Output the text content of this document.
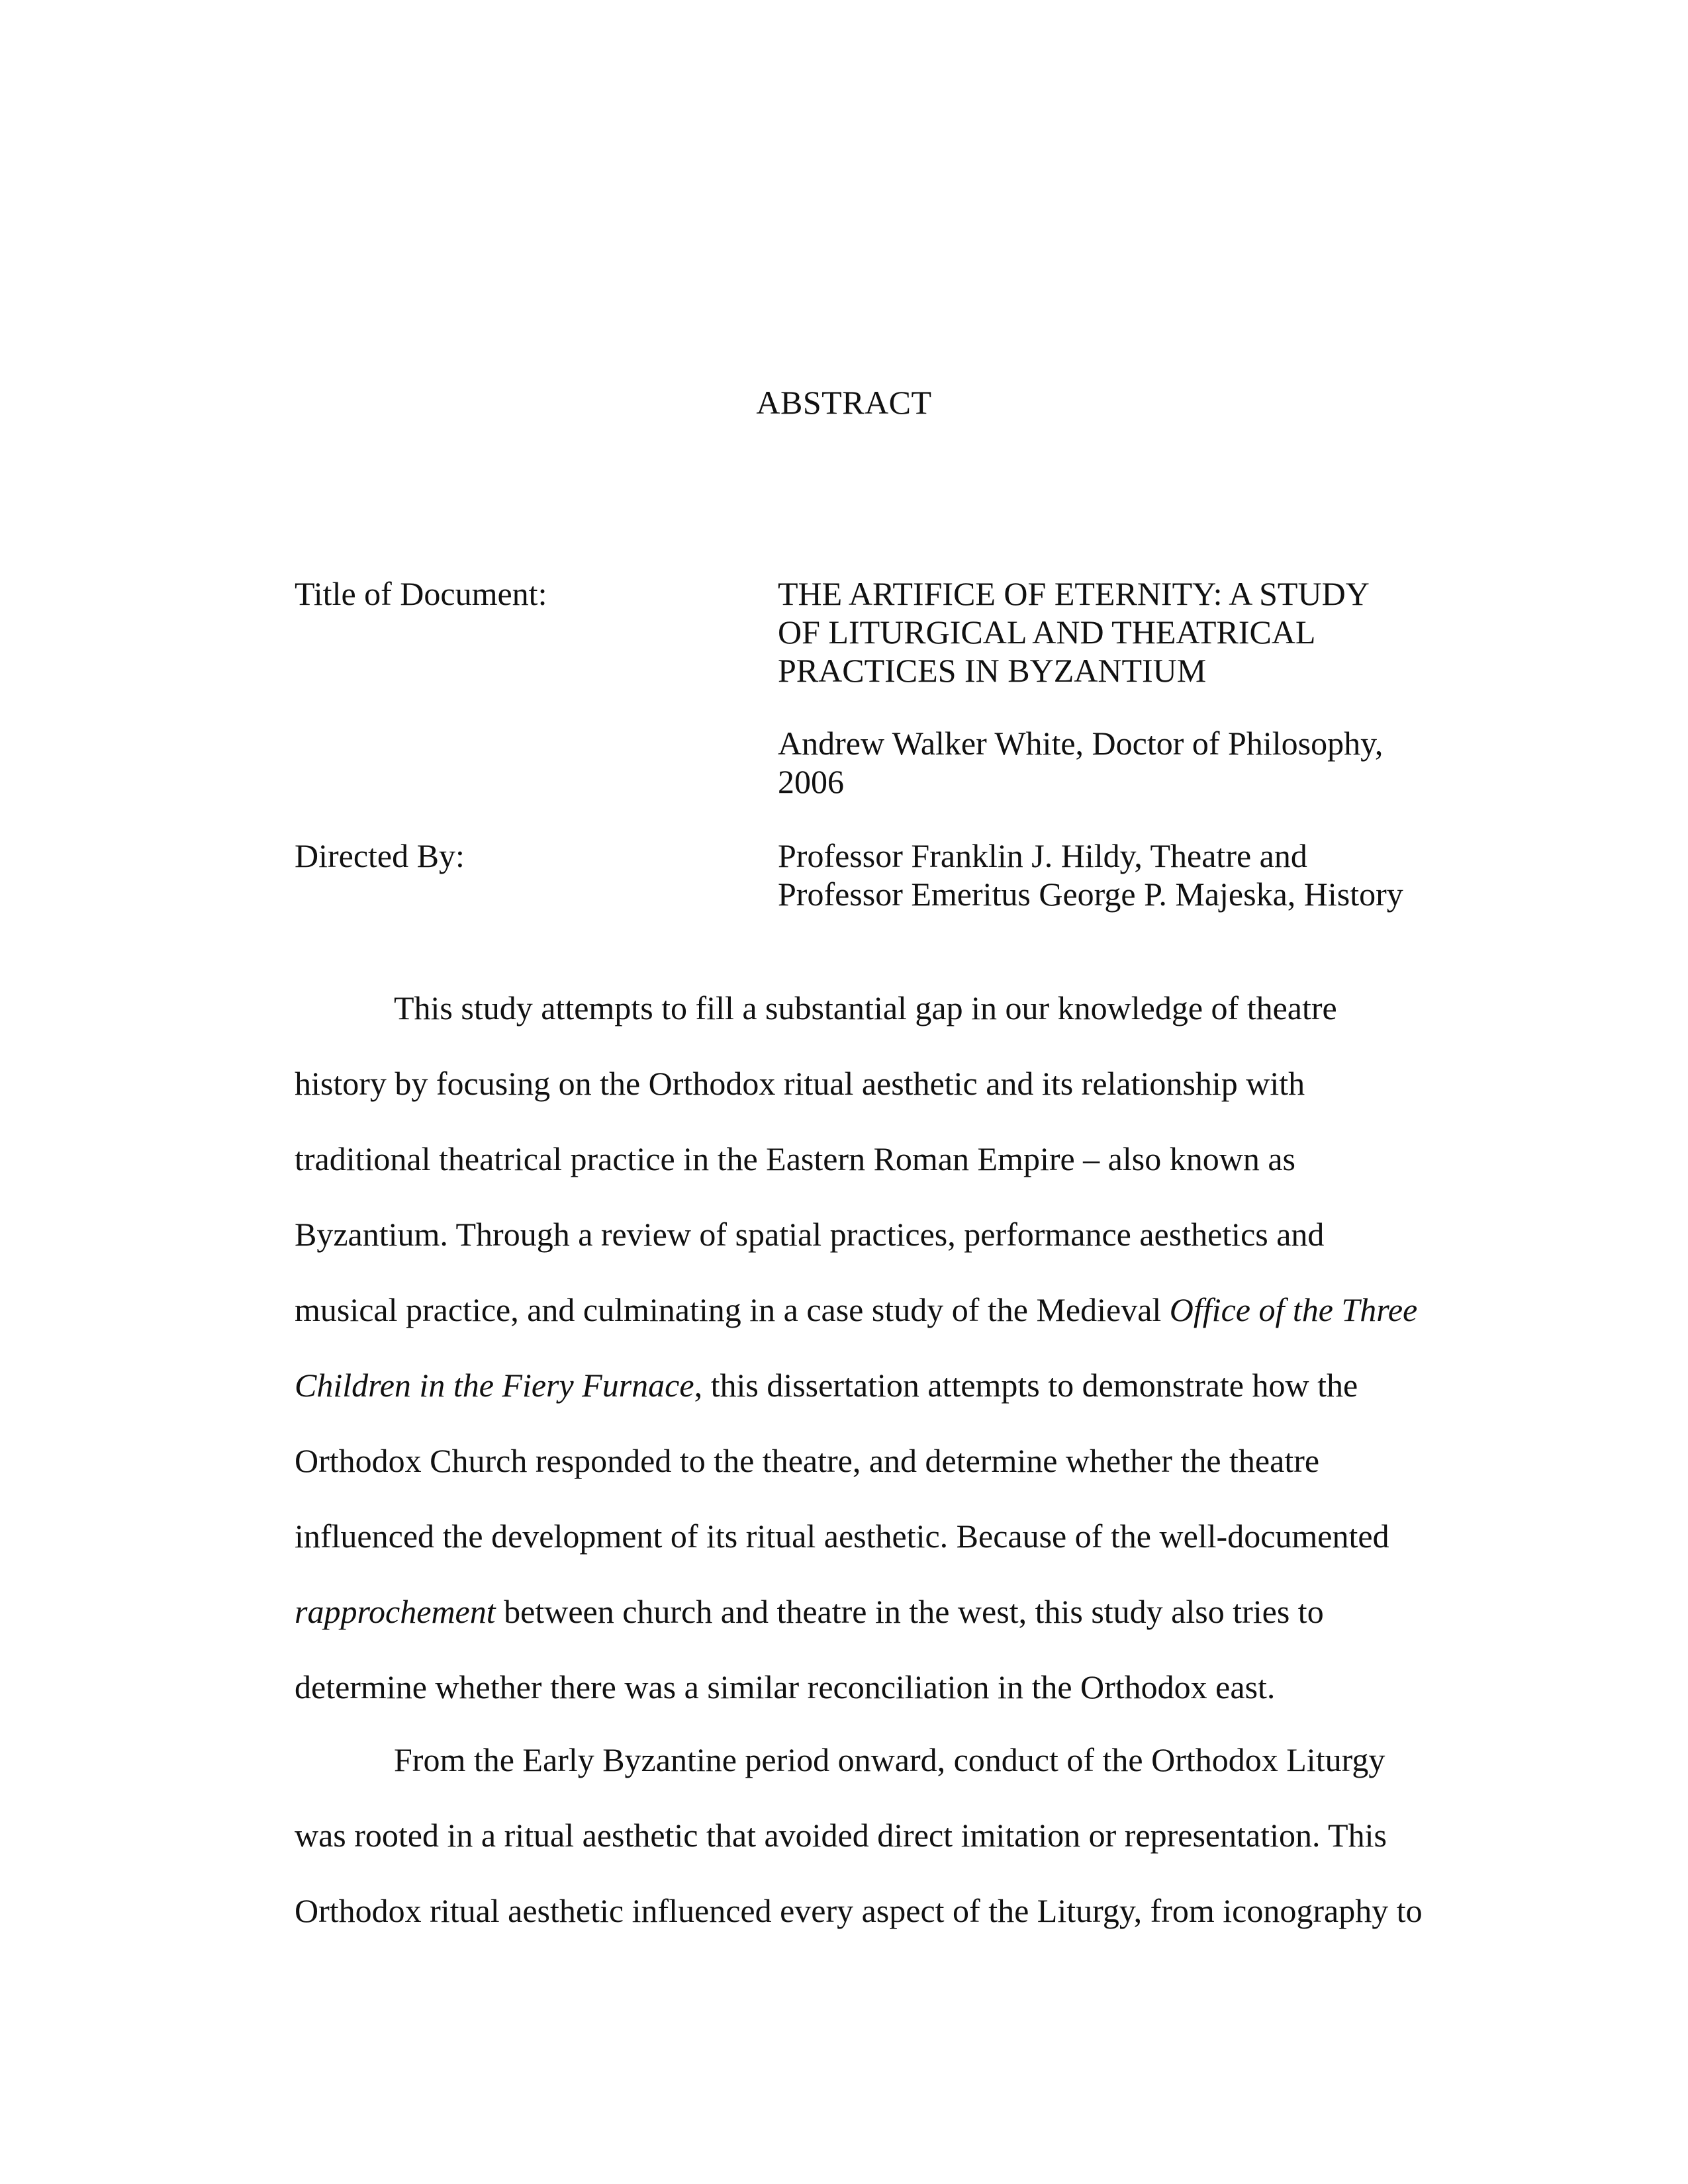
ABSTRACT
Title of Document:	THE ARTIFICE OF ETERNITY: A STUDY
OF LITURGICAL AND THEATRICAL
PRACTICES IN BYZANTIUM
Andrew Walker White, Doctor of Philosophy,
2006
Directed By:	Professor Franklin J. Hildy, Theatre and
Professor Emeritus George P. Majeska, History
This study attempts to fill a substantial gap in our knowledge of theatre
history by focusing on the Orthodox ritual aesthetic and its relationship with
traditional theatrical practice in the Eastern Roman Empire – also known as
Byzantium. Through a review of spatial practices, performance aesthetics and
musical practice, and culminating in a case study of the Medieval Office of the Three
Children in the Fiery Furnace, this dissertation attempts to demonstrate how the
Orthodox Church responded to the theatre, and determine whether the theatre
influenced the development of its ritual aesthetic. Because of the well-documented
rapprochement between church and theatre in the west, this study also tries to
determine whether there was a similar reconciliation in the Orthodox east.
From the Early Byzantine period onward, conduct of the Orthodox Liturgy
was rooted in a ritual aesthetic that avoided direct imitation or representation. This
Orthodox ritual aesthetic influenced every aspect of the Liturgy, from iconography to
